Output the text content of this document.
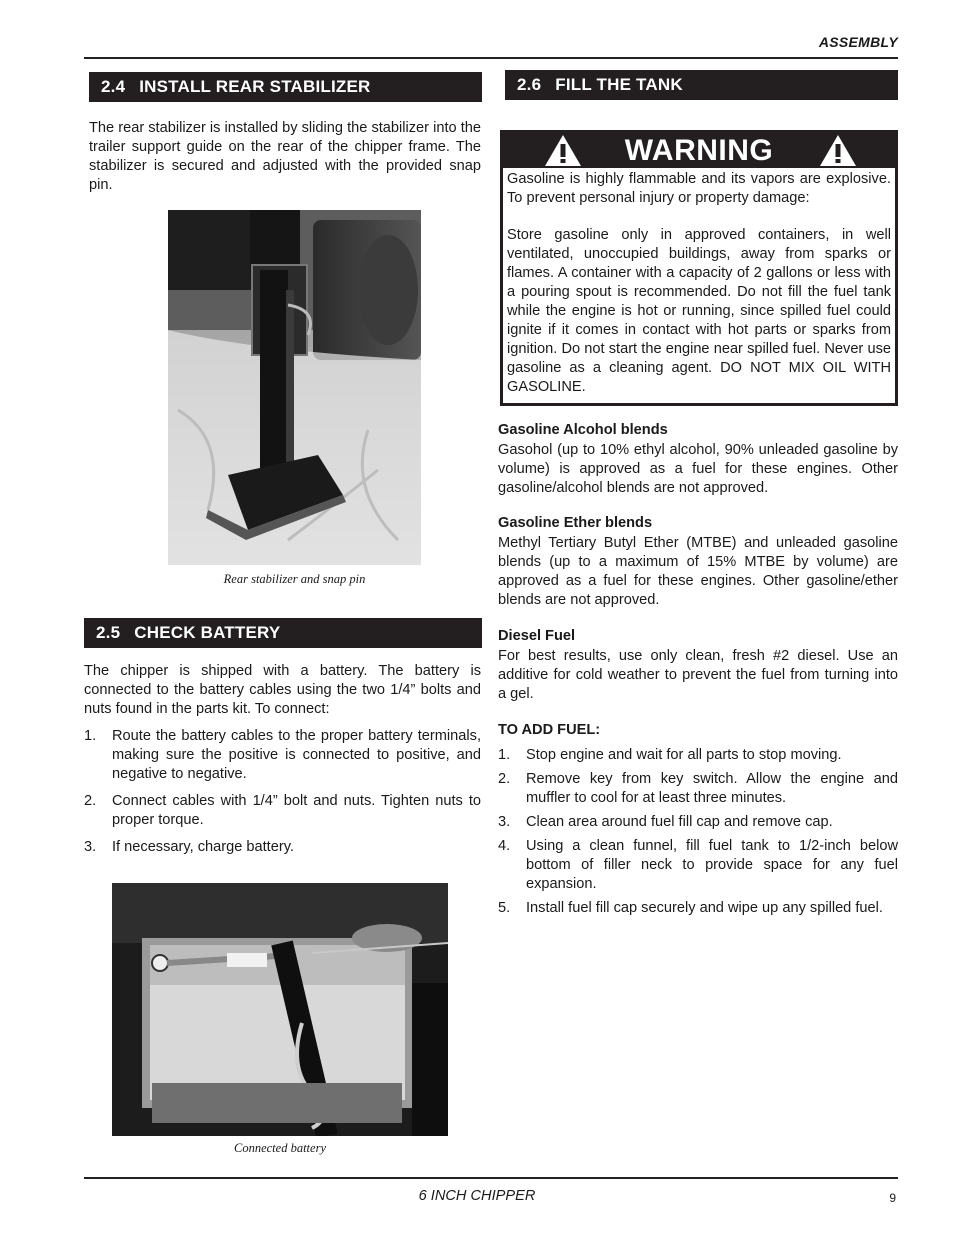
ASSEMBLY
2.4 INSTALL REAR STABILIZER
The rear stabilizer is installed by sliding the stabilizer into the trailer support guide on the rear of the chipper frame. The stabilizer is secured and adjusted with the provided snap pin.
Rear stabilizer and snap pin
2.5 CHECK BATTERY
The chipper is shipped with a battery. The battery is connected to the battery cables using the two 1/4” bolts and nuts found in the parts kit. To connect:
1. Route the battery cables to the proper battery terminals, making sure the positive is connected to positive, and negative to negative.
2. Connect cables with 1/4” bolt and nuts. Tighten nuts to proper torque.
3. If necessary, charge battery.
Connected battery
2.6 FILL THE TANK
WARNING
Gasoline is highly flammable and its vapors are explosive. To prevent personal injury or property damage:
Store gasoline only in approved containers, in well ventilated, unoccupied buildings, away from sparks or flames. A container with a capacity of 2 gallons or less with a pouring spout is recommended. Do not fill the fuel tank while the engine is hot or running, since spilled fuel could ignite if it comes in contact with hot parts or sparks from ignition. Do not start the engine near spilled fuel. Never use gasoline as a cleaning agent. DO NOT MIX OIL WITH GASOLINE.
Gasoline Alcohol blends
Gasohol (up to 10% ethyl alcohol, 90% unleaded gasoline by volume) is approved as a fuel for these engines. Other gasoline/alcohol blends are not approved.
Gasoline Ether blends
Methyl Tertiary Butyl Ether (MTBE) and unleaded gasoline blends (up to a maximum of 15% MTBE by volume) are approved as a fuel for these engines. Other gasoline/ether blends are not approved.
Diesel Fuel
For best results, use only clean, fresh #2 diesel. Use an additive for cold weather to prevent the fuel from turning into a gel.
TO ADD FUEL:
1. Stop engine and wait for all parts to stop moving.
2. Remove key from key switch. Allow the engine and muffler to cool for at least three minutes.
3. Clean area around fuel fill cap and remove cap.
4. Using a clean funnel, fill fuel tank to 1/2-inch below bottom of filler neck to provide space for any fuel expansion.
5. Install fuel fill cap securely and wipe up any spilled fuel.
6 INCH CHIPPER	9
